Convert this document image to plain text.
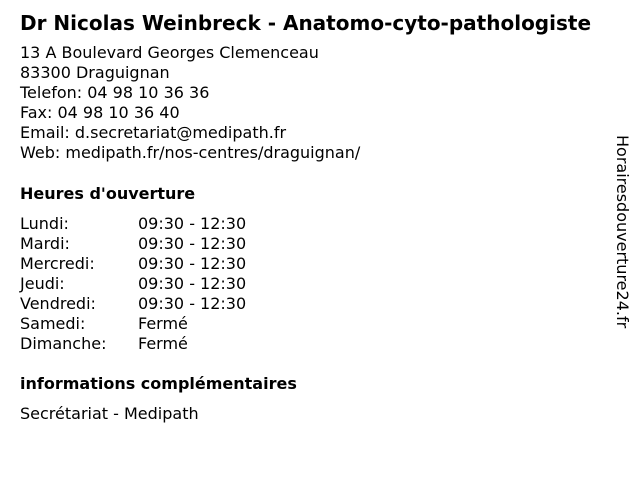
Dr Nicolas Weinbreck - Anatomo-cyto-pathologiste
13 A Boulevard Georges Clemenceau
83300 Draguignan
Telefon: 04 98 10 36 36
Fax: 04 98 10 36 40
Email: d.secretariat@medipath.fr
Web: medipath.fr/nos-centres/draguignan/
Heures d'ouverture
Lundi:	09:30 - 12:30
Mardi:	09:30 - 12:30
Mercredi:	09:30 - 12:30
Jeudi:	09:30 - 12:30
Vendredi:	09:30 - 12:30
Samedi:	Fermé
Dimanche: Fermé
informations complémentaires
Secrétariat - Medipath
Horairesdouverture24.fr
